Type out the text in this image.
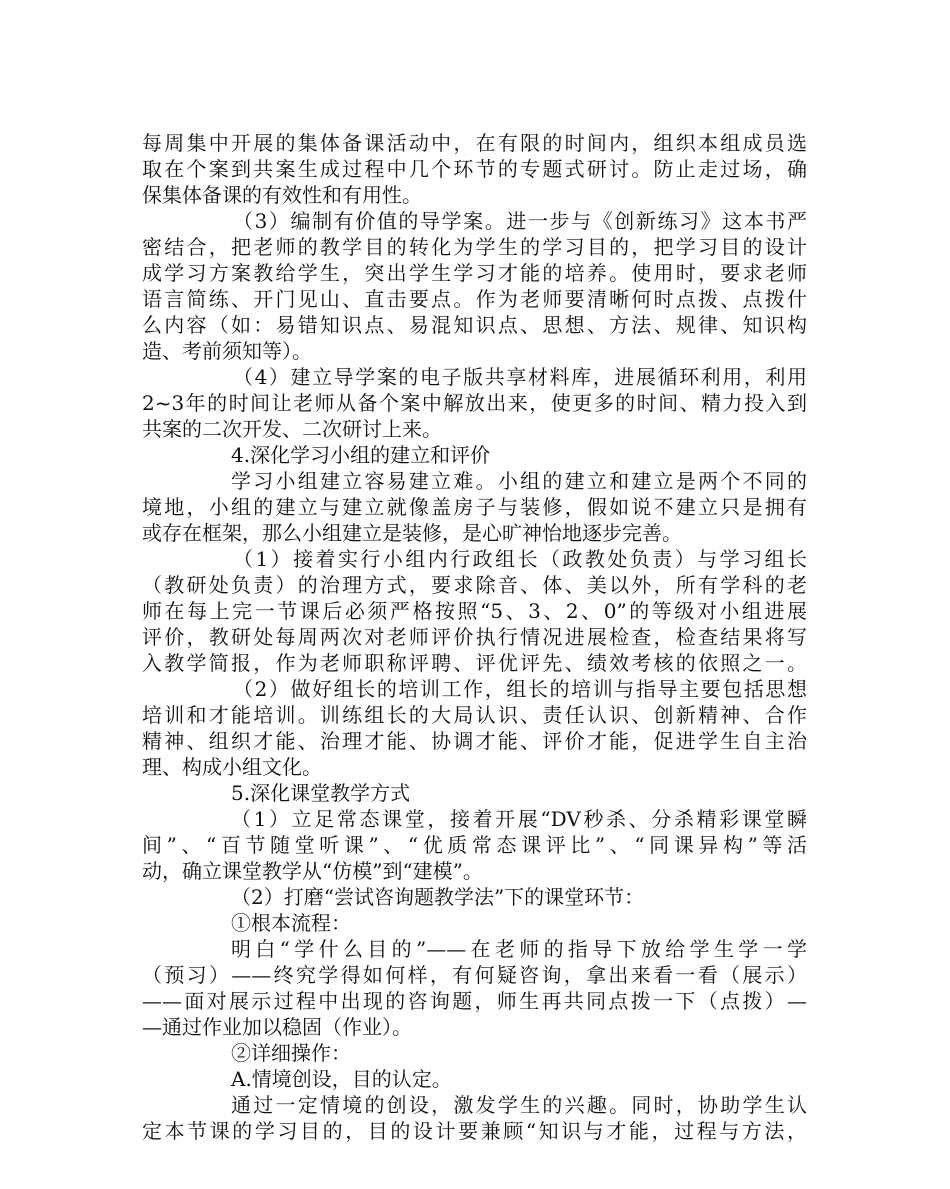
每周集中开展的集体备课活动中，在有限的时间内，组织本组成员选
取在个案到共案生成过程中几个环节的专题式研讨。防止走过场，确
保集体备课的有效性和有用性。
（3）编制有价值的导学案。进一步与《创新练习》这本书严
密结合，把老师的教学目的转化为学生的学习目的，把学习目的设计
成学习方案教给学生，突出学生学习才能的培养。使用时，要求老师
语言简练、开门见山、直击要点。作为老师要清晰何时点拨、点拨什
么内容（如：易错知识点、易混知识点、思想、方法、规律、知识构
造、考前须知等）。
（4）建立导学案的电子版共享材料库，进展循环利用，利用
2~3年的时间让老师从备个案中解放出来，使更多的时间、精力投入到
共案的二次开发、二次研讨上来。
4.深化学习小组的建立和评价
学习小组建立容易建立难。小组的建立和建立是两个不同的
境地，小组的建立与建立就像盖房子与装修，假如说不建立只是拥有
或存在框架，那么小组建立是装修，是心旷神怡地逐步完善。
（1）接着实行小组内行政组长（政教处负责）与学习组长
（教研处负责）的治理方式，要求除音、体、美以外，所有学科的老
师在每上完一节课后必须严格按照“5、3、2、0”的等级对小组进展
评价，教研处每周两次对老师评价执行情况进展检查，检查结果将写
入教学简报，作为老师职称评聘、评优评先、绩效考核的依照之一。
（2）做好组长的培训工作，组长的培训与指导主要包括思想
培训和才能培训。训练组长的大局认识、责任认识、创新精神、合作
精神、组织才能、治理才能、协调才能、评价才能，促进学生自主治
理、构成小组文化。
5.深化课堂教学方式
（1）立足常态课堂，接着开展“DV秒杀、分杀精彩课堂瞬
间”、“百节随堂听课”、“优质常态课评比”、“同课异构”等活
动，确立课堂教学从“仿模”到“建模”。
（2）打磨“尝试咨询题教学法”下的课堂环节：
①根本流程：
明白“学什么目的”——在老师的指导下放给学生学一学
（预习）——终究学得如何样，有何疑咨询，拿出来看一看（展示）
——面对展示过程中出现的咨询题，师生再共同点拨一下（点拨）—
—通过作业加以稳固（作业）。
②详细操作：
A.情境创设，目的认定。
通过一定情境的创设，激发学生的兴趣。同时，协助学生认
定本节课的学习目的，目的设计要兼顾“知识与才能，过程与方法，
